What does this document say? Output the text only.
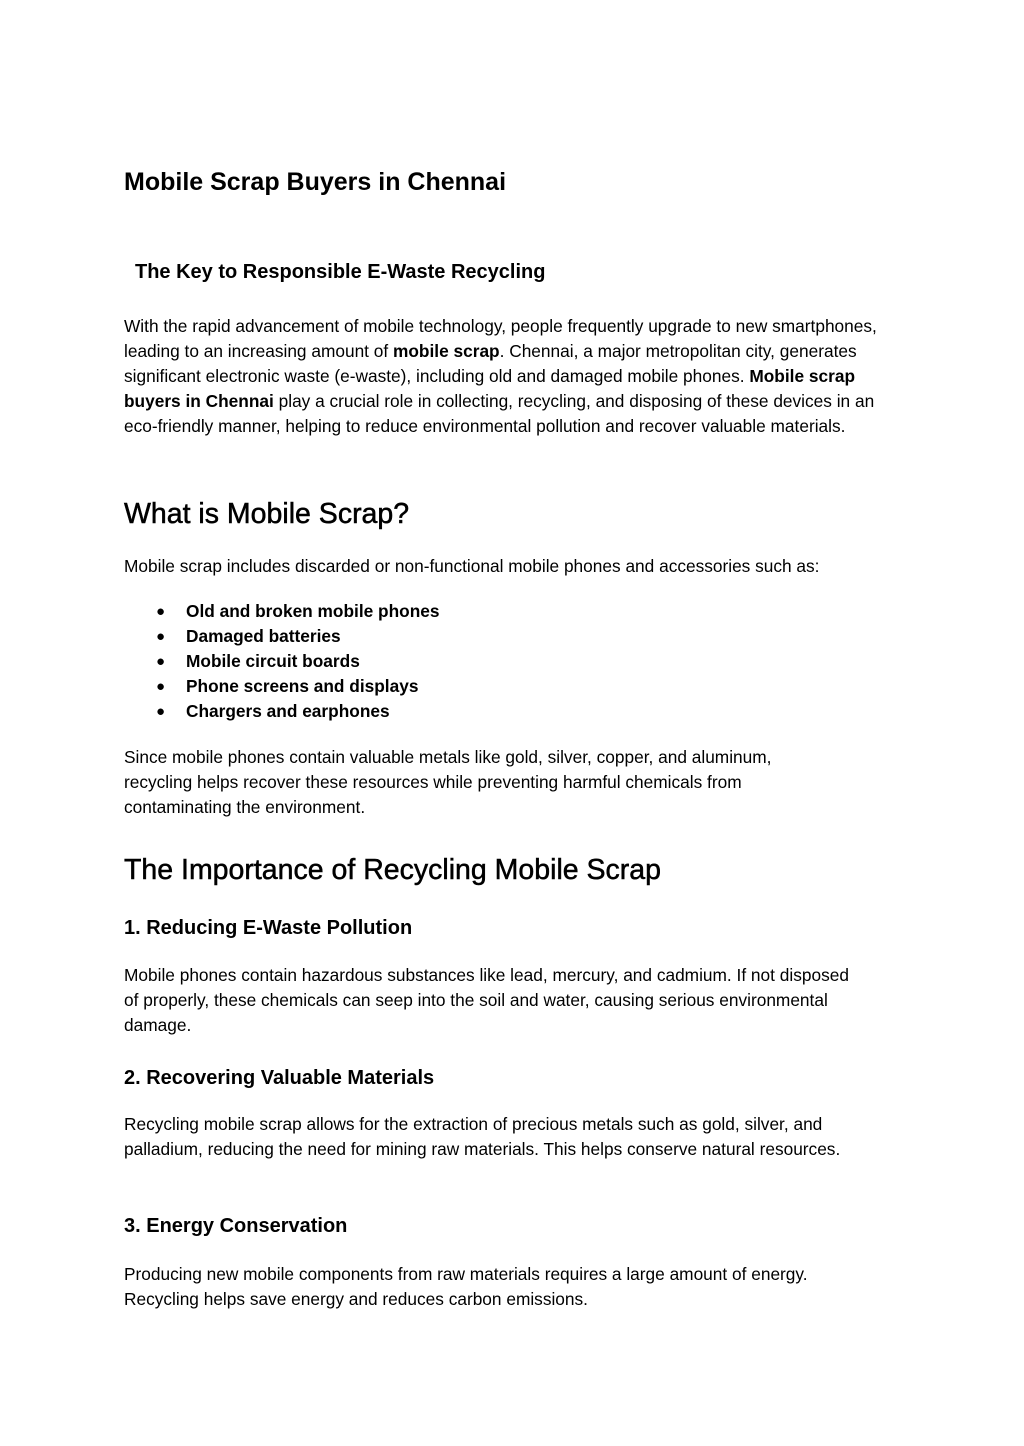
Mobile Scrap Buyers in Chennai
The Key to Responsible E-Waste Recycling

With the rapid advancement of mobile technology, people frequently upgrade to new smartphones, leading to an increasing amount of mobile scrap. Chennai, a major metropolitan city, generates significant electronic waste (e-waste), including old and damaged mobile phones. Mobile scrap buyers in Chennai play a crucial role in collecting, recycling, and disposing of these devices in an eco-friendly manner, helping to reduce environmental pollution and recover valuable materials.

What is Mobile Scrap?

Mobile scrap includes discarded or non-functional mobile phones and accessories such as:

● Old and broken mobile phones
● Damaged batteries
● Mobile circuit boards
● Phone screens and displays
● Chargers and earphones

Since mobile phones contain valuable metals like gold, silver, copper, and aluminum, recycling helps recover these resources while preventing harmful chemicals from contaminating the environment.

The Importance of Recycling Mobile Scrap
1. Reducing E-Waste Pollution

Mobile phones contain hazardous substances like lead, mercury, and cadmium. If not disposed of properly, these chemicals can seep into the soil and water, causing serious environmental damage.

2. Recovering Valuable Materials

Recycling mobile scrap allows for the extraction of precious metals such as gold, silver, and palladium, reducing the need for mining raw materials. This helps conserve natural resources.

3. Energy Conservation

Producing new mobile components from raw materials requires a large amount of energy. Recycling helps save energy and reduces carbon emissions.
